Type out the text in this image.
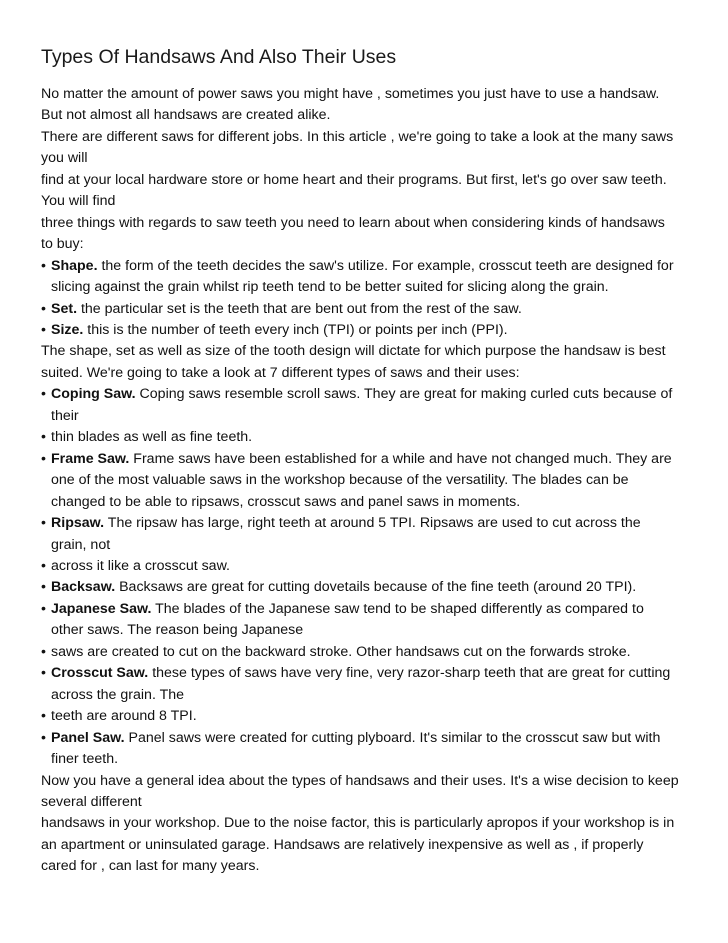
Types Of Handsaws And Also Their Uses
No matter the amount of power saws you might have , sometimes you just have to use a handsaw.
But not almost all handsaws are created alike.
There are different saws for different jobs. In this article , we're going to take a look at the many saws
you will
find at your local hardware store or home heart and their programs. But first, let's go over saw teeth.
You will find
three things with regards to saw teeth you need to learn about when considering kinds of handsaws
to buy:
• Shape. the form of the teeth decides the saw's utilize. For example, crosscut teeth are designed for
slicing against the grain whilst rip teeth tend to be better suited for slicing along the grain.
• Set. the particular set is the teeth that are bent out from the rest of the saw.
• Size. this is the number of teeth every inch (TPI) or points per inch (PPI).
The shape, set as well as size of the tooth design will dictate for which purpose the handsaw is best
suited. We're going to take a look at 7 different types of saws and their uses:
• Coping Saw. Coping saws resemble scroll saws. They are great for making curled cuts because of
their
• thin blades as well as fine teeth.
• Frame Saw. Frame saws have been established for a while and have not changed much. They are
one of the most valuable saws in the workshop because of the versatility. The blades can be
changed to be able to ripsaws, crosscut saws and panel saws in moments.
• Ripsaw. The ripsaw has large, right teeth at around 5 TPI. Ripsaws are used to cut across the
grain, not
• across it like a crosscut saw.
• Backsaw. Backsaws are great for cutting dovetails because of the fine teeth (around 20 TPI).
• Japanese Saw. The blades of the Japanese saw tend to be shaped differently as compared to
other saws. The reason being Japanese
• saws are created to cut on the backward stroke. Other handsaws cut on the forwards stroke.
• Crosscut Saw. these types of saws have very fine, very razor-sharp teeth that are great for cutting
across the grain. The
• teeth are around 8 TPI.
• Panel Saw. Panel saws were created for cutting plyboard. It's similar to the crosscut saw but with
finer teeth.
Now you have a general idea about the types of handsaws and their uses. It's a wise decision to keep
several different
handsaws in your workshop. Due to the noise factor, this is particularly apropos if your workshop is in
an apartment or uninsulated garage. Handsaws are relatively inexpensive as well as , if properly
cared for , can last for many years.
